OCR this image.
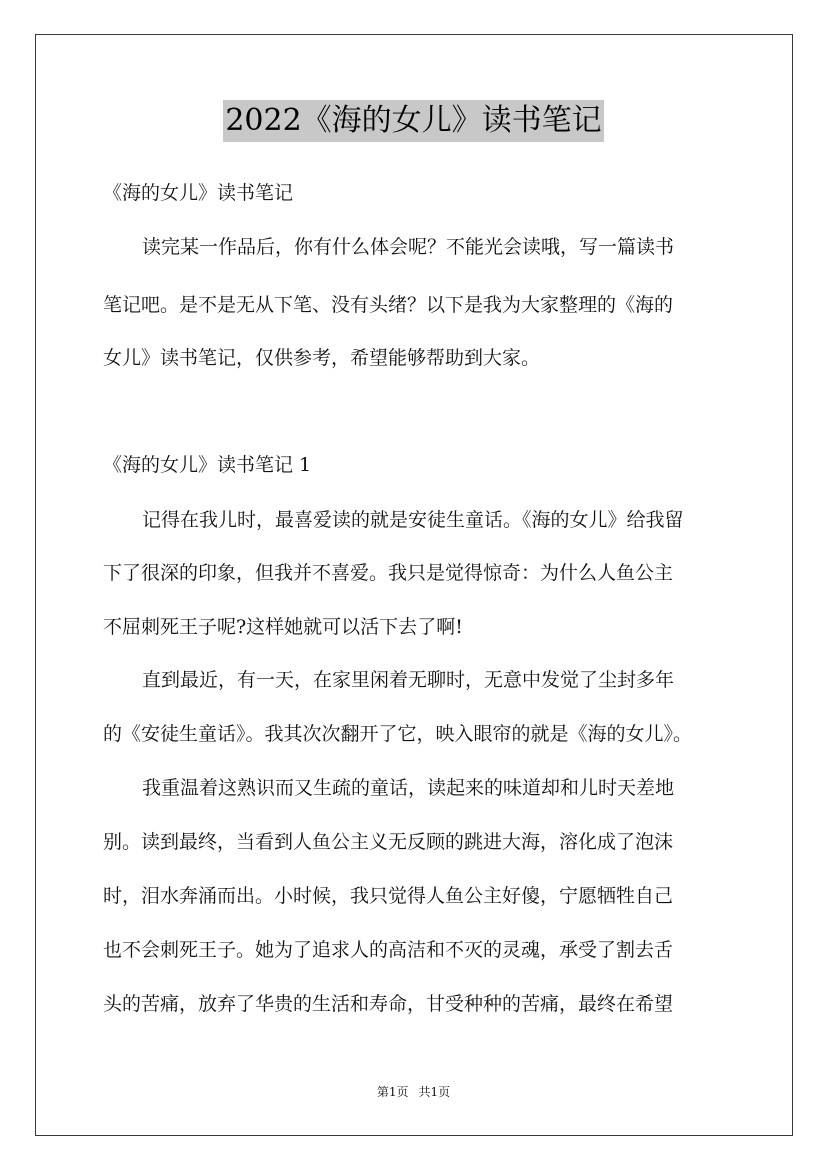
2022《海的女儿》读书笔记
《海的女儿》读书笔记
读完某一作品后，你有什么体会呢？不能光会读哦，写一篇读书
笔记吧。是不是无从下笔、没有头绪？以下是我为大家整理的《海的
女儿》读书笔记，仅供参考，希望能够帮助到大家。
《海的女儿》读书笔记 1
记得在我儿时，最喜爱读的就是安徒生童话。《海的女儿》给我留
下了很深的印象，但我并不喜爱。我只是觉得惊奇：为什么人鱼公主
不屈刺死王子呢?这样她就可以活下去了啊!
直到最近，有一天，在家里闲着无聊时，无意中发觉了尘封多年
的《安徒生童话》。我其次次翻开了它，映入眼帘的就是《海的女儿》。
我重温着这熟识而又生疏的童话，读起来的味道却和儿时天差地
别。读到最终，当看到人鱼公主义无反顾的跳进大海，溶化成了泡沫
时，泪水奔涌而出。小时候，我只觉得人鱼公主好傻，宁愿牺牲自己
也不会刺死王子。她为了追求人的高洁和不灭的灵魂，承受了割去舌
头的苦痛，放弃了华贵的生活和寿命，甘受种种的苦痛，最终在希望
第1页 共1页
